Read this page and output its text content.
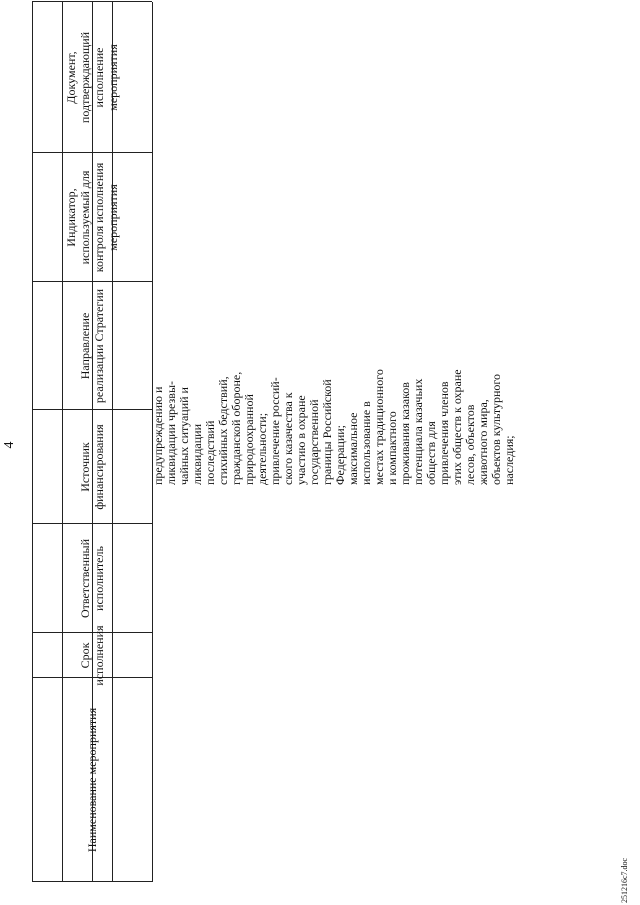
4
Наименование мероприятия
Срок исполнения
Ответственный исполнитель
Источник финансирования
Направление реализации Стратегии
Индикатор, используемый для контроля исполнения мероприятия
Документ, подтверждающий исполнение мероприятия
предупреждению и ликвидации чрезвы- чайных ситуаций и ликвидации последствий стихийных бедствий, гражданской обороне, природоохранной деятельности; привлечение россий- ского казачества к участию в охране государственной границы Российской Федерации; максимальное использование в местах традиционного и компактного проживания казаков потенциала казачьих обществ для привлечения членов этих обществ к охране лесов, объектов животного мира, объектов культурного наследия;
251216с7.doc
